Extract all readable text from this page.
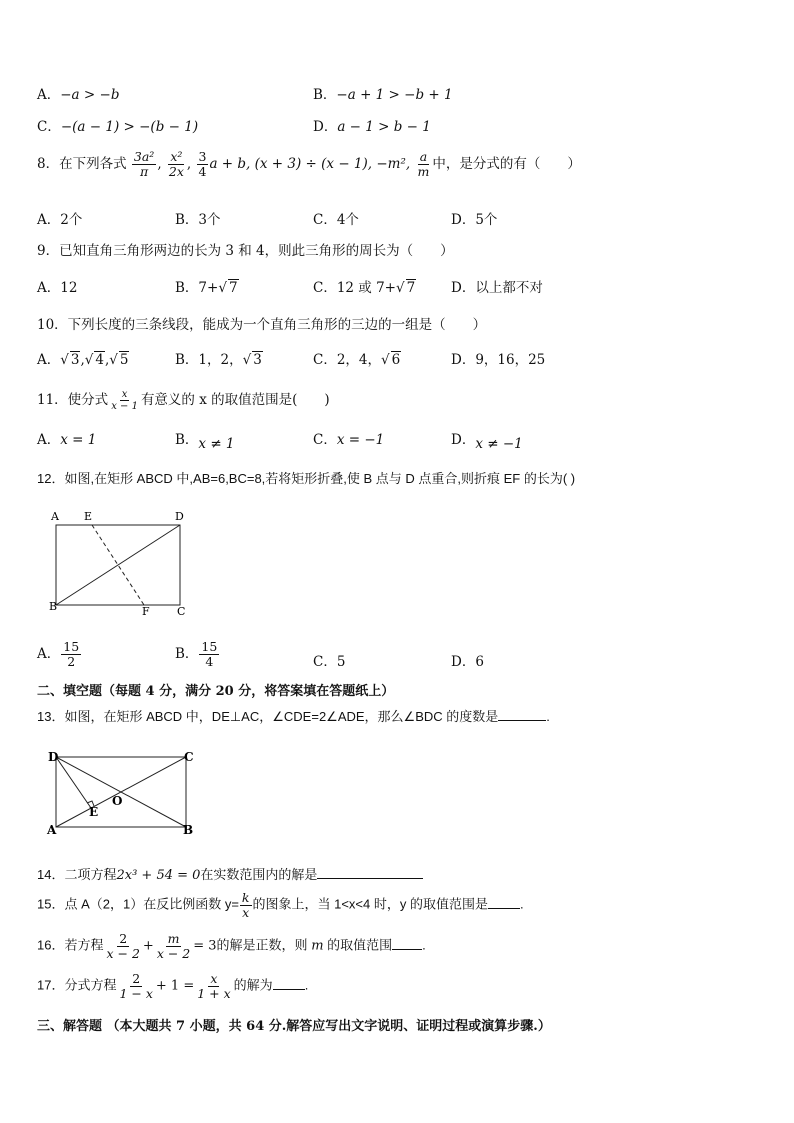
A．−a > −b	B．−a + 1 > −b + 1
C．−(a − 1) > −(b − 1)	D．a − 1 > b − 1
8．在下列各式 $\frac{\text{3a²}}{\pi}$ , $\frac{\text{x²}}{2x}$ , $\frac{3}{4}$ a + b, (x + 3) ÷ (x − 1), −m², $\frac{a}{m}$ 中，是分式的有（　　）
A．2个	B．3个	C．4个	D．5个
9．已知直角三角形两边的长为 3 和 4，则此三角形的周长为（　　）
A．12	B．7+√ 7	C．12 或 7+√ 7	D．以上都不对
10．下列长度的三条线段，能成为一个直角三角形的三边的一组是（　　）
A．√ 3,√ 4,√ 5	B．1，2，√ 3	C．2，4，√ 6	D．9，16，25
11．使分式 $\frac{x}{x - 1}$ 有意义的 x 的取值范围是(　　)
A．x = 1	B．x ≠ 1	C．x = −1	D．x ≠ −1
12．如图,在矩形 ABCD 中,AB=6,BC=8,若将矩形折叠,使 B 点与 D 点重合,则折痕 EF 的长为( )
A E	D
B	F C
A． $\frac{15}{2}$	B． $\frac{15}{4}$	C．5	D．6
二、填空题（每题 4 分，满分 20 分，将答案填在答题纸上）
13．如图，在矩形 ABCD 中，DE⊥AC，∠CDE=2∠ADE，那么∠BDC 的度数是	.
D	C
O
E
A	B
14．二项方程2x³ + 54 = 0在实数范围内的解是
15．点 A（2，1）在反比例函数 $y= \frac{k}{x}$ 的图象上，当 1<x<4 时，y 的取值范围是 .
16．若方程 $\frac{2}{x - 2} + \frac{m}{x - 2} = 3$的解是正数，则 m 的取值范围 .
17．分式方程 $\frac{2}{1 - x} + 1 = \frac{x}{1 + x}$ 的解为 .
三、解答题 （本大题共 7 小题，共 64 分.解答应写出文字说明、证明过程或演算步骤.）
